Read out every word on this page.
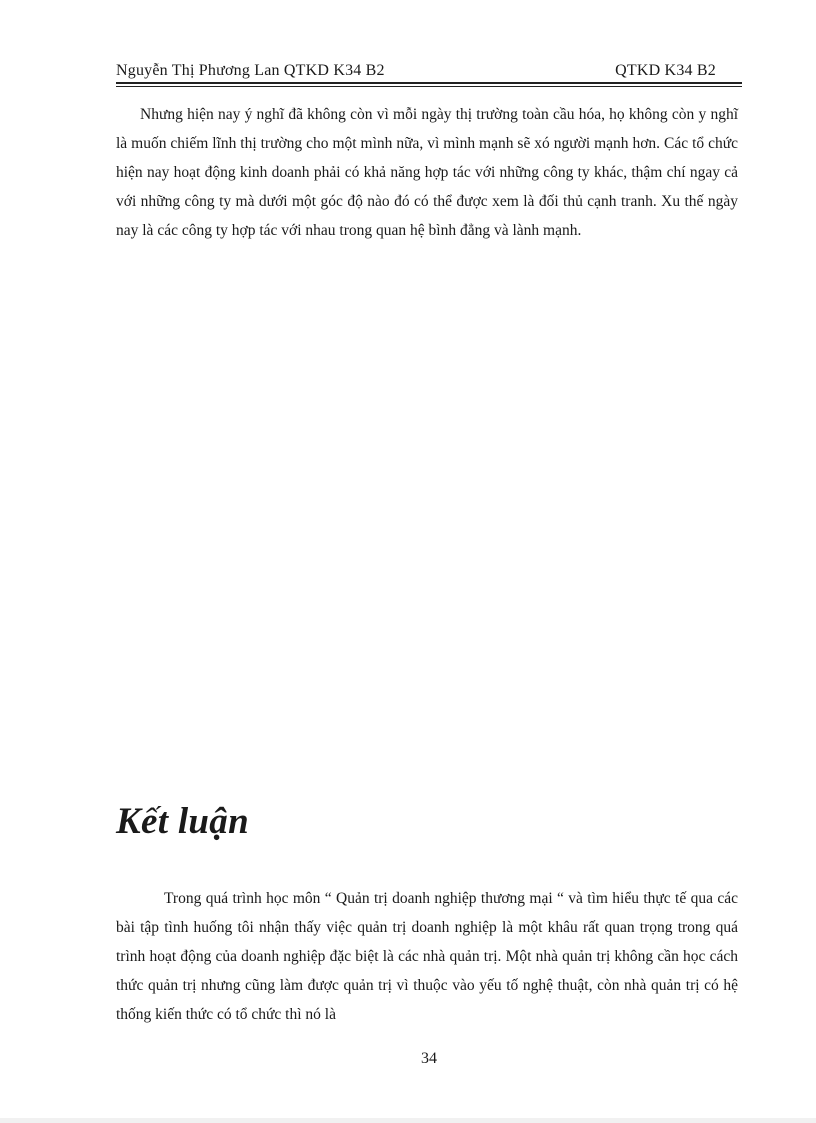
Nguyễn Thị Phương Lan QTKD K34 B2	QTKD K34 B2

Nhưng hiện nay ý nghĩ đã không còn vì mỗi ngày thị trường toàn cầu hóa, họ không còn y nghĩ là muốn chiếm lĩnh thị trường cho một mình nữa, vì mình mạnh sẽ xó người mạnh hơn. Các tổ chức hiện nay hoạt động kinh doanh phải có khả năng hợp tác với những công ty khác, thậm chí ngay cả với những công ty mà dưới một góc độ nào đó có thể được xem là đối thủ cạnh tranh. Xu thế ngày nay là các công ty hợp tác với nhau trong quan hệ bình đẳng và lành mạnh.

Kết luận

Trong quá trình học môn “ Quản trị doanh nghiệp thương mại “ và tìm hiểu thực tế qua các bài tập tình huống tôi nhận thấy việc quản trị doanh nghiệp là một khâu rất quan trọng trong quá trình hoạt động của doanh nghiệp đặc biệt là các nhà quản trị. Một nhà quản trị không cần học cách thức quản trị nhưng cũng làm được quản trị vì thuộc vào yếu tố nghệ thuật, còn nhà quản trị có hệ thống kiến thức có tổ chức thì nó là

34
